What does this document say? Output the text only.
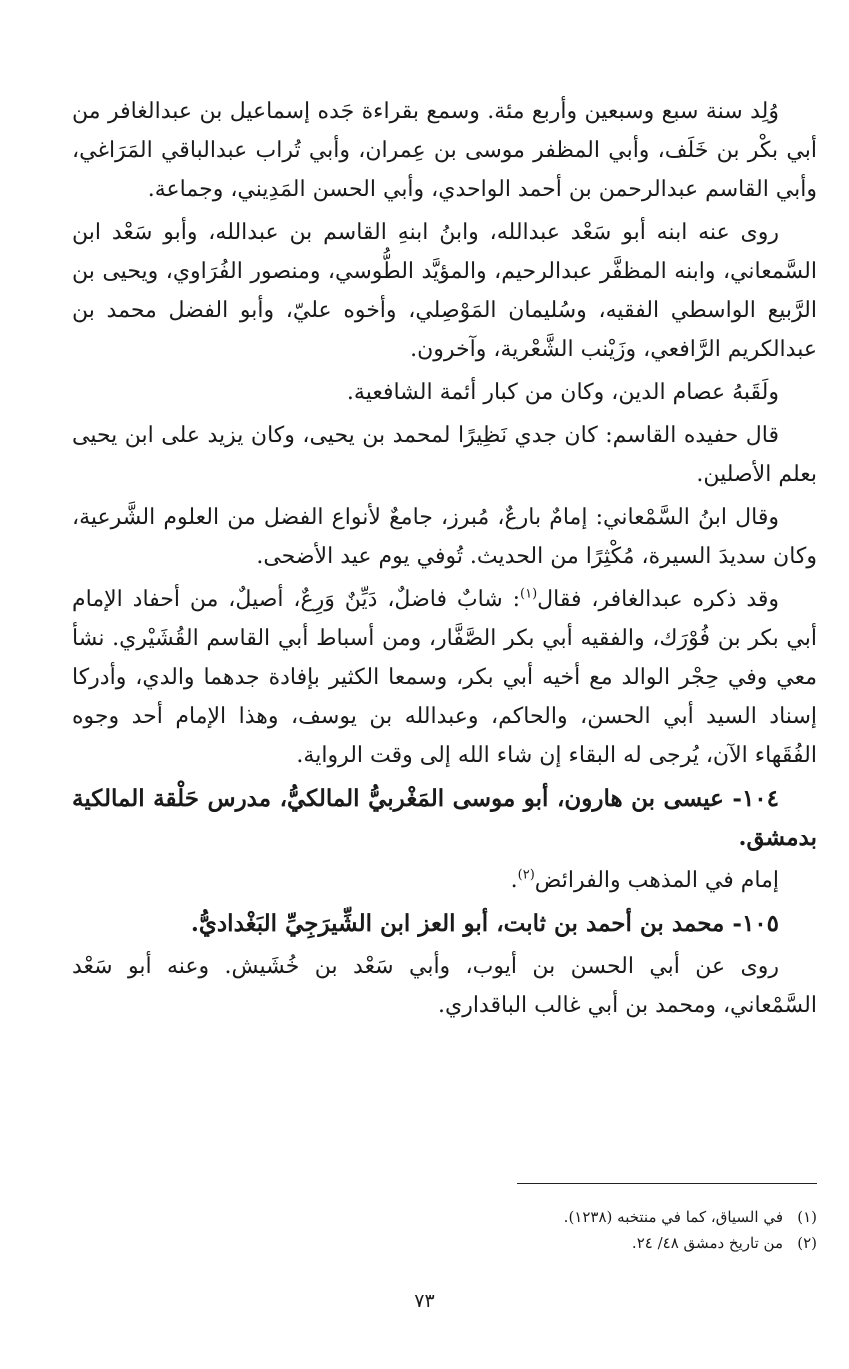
وُلِد سنة سبع وسبعين وأربع مئة. وسمع بقراءة جَده إسماعيل بن عبدالغافر من أبي بكْر بن خَلَف، وأبي المظفر موسى بن عِمران، وأبي تُراب عبدالباقي المَرَاغي، وأبي القاسم عبدالرحمن بن أحمد الواحدي، وأبي الحسن المَدِيني، وجماعة.

روى عنه ابنه أبو سَعْد عبدالله، وابنُ ابنهِ القاسم بن عبدالله، وأبو سَعْد ابن السَّمعاني، وابنه المظفَّر عبدالرحيم، والمؤيَّد الطُّوسي، ومنصور الفُرَاوي، ويحيى بن الرَّبيع الواسطي الفقيه، وسُليمان المَوْصِلي، وأخوه عليّ، وأبو الفضل محمد بن عبدالكريم الرَّافعي، وزَيْنب الشَّعْرية، وآخرون.

ولَقَبهُ عصام الدين، وكان من كبار أئمة الشافعية.

قال حفيده القاسم: كان جدي نَظِيرًا لمحمد بن يحيى، وكان يزيد على ابن يحيى بعلم الأصلين.

وقال ابنُ السَّمْعاني: إمامٌ بارعٌ، مُبرز، جامعٌ لأنواع الفضل من العلوم الشَّرعية، وكان سديدَ السيرة، مُكْثِرًا من الحديث. تُوفي يوم عيد الأضحى.

وقد ذكره عبدالغافر، فقال$^{(١)}$: شابٌ فاضلٌ، دَيِّنٌ وَرِعٌ، أصيلٌ، من أحفاد الإمام أبي بكر بن فُوْرَك، والفقيه أبي بكر الصَّفَّار، ومن أسباط أبي القاسم القُشَيْري. نشأ معي وفي حِجْر الوالد مع أخيه أبي بكر، وسمعا الكثير بإفادة جدهما والدي، وأدركا إسناد السيد أبي الحسن، والحاكم، وعبدالله بن يوسف، وهذا الإمام أحد وجوه الفُقَهاء الآن، يُرجى له البقاء إن شاء الله إلى وقت الرواية.

١٠٤- عيسى بن هارون، أبو موسى المَغْربيُّ المالكيُّ، مدرس حَلْقة المالكية بدمشق.

إمام في المذهب والفرائض$^{(٢)}$.

١٠٥- محمد بن أحمد بن ثابت، أبو العز ابن الشِّيرَجِيِّ البَغْداديُّ.

روى عن أبي الحسن بن أيوب، وأبي سَعْد بن خُشَيش. وعنه أبو سَعْد السَّمْعاني، ومحمد بن أبي غالب الباقداري.

(١)في السياق، كما في منتخبه (١٢٣٨).

(٢)من تاريخ دمشق ٤٨/ ٢٤.

٧٣
